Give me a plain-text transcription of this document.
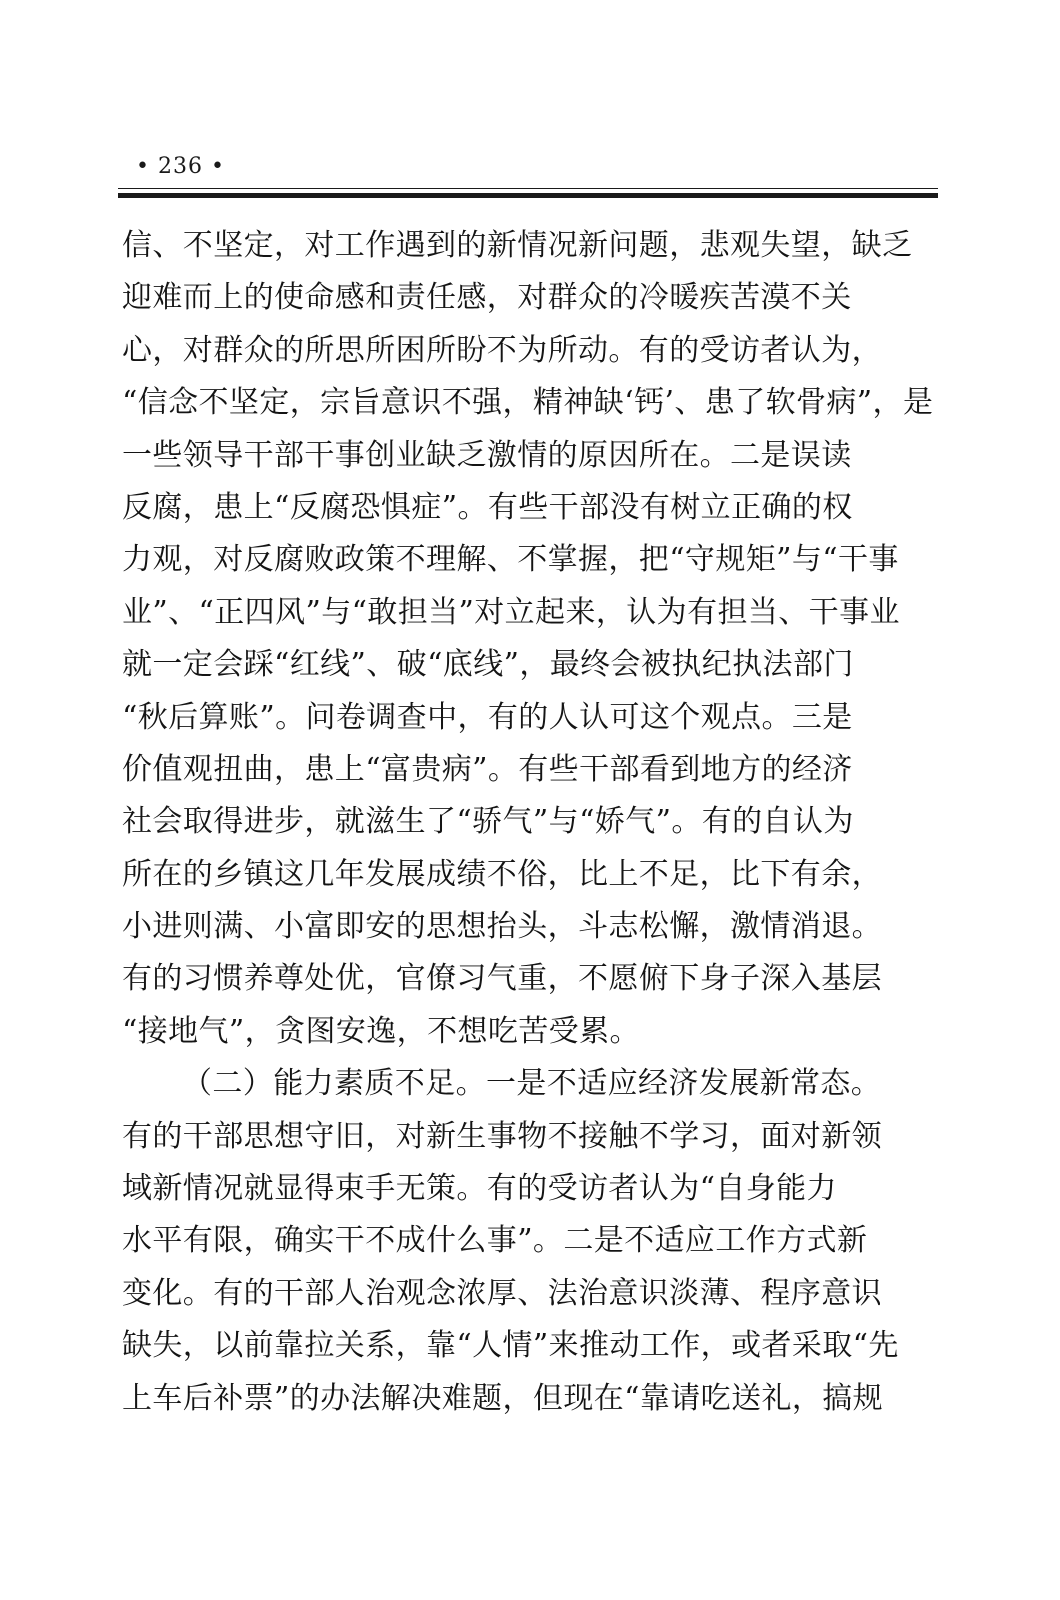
• 236 •
信、不坚定，对工作遇到的新情况新问题，悲观失望，缺乏
迎难而上的使命感和责任感，对群众的冷暖疾苦漠不关
心，对群众的所思所困所盼不为所动。有的受访者认为，
“信念不坚定，宗旨意识不强，精神缺‘钙’、患了软骨病”，是
一些领导干部干事创业缺乏激情的原因所在。二是误读
反腐，患上“反腐恐惧症”。有些干部没有树立正确的权
力观，对反腐败政策不理解、不掌握，把“守规矩”与“干事
业”、“正四风”与“敢担当”对立起来，认为有担当、干事业
就一定会踩“红线”、破“底线”，最终会被执纪执法部门
“秋后算账”。问卷调查中，有的人认可这个观点。三是
价值观扭曲，患上“富贵病”。有些干部看到地方的经济
社会取得进步，就滋生了“骄气”与“娇气”。有的自认为
所在的乡镇这几年发展成绩不俗，比上不足，比下有余，
小进则满、小富即安的思想抬头，斗志松懈，激情消退。
有的习惯养尊处优，官僚习气重，不愿俯下身子深入基层
“接地气”，贪图安逸，不想吃苦受累。
（二）能力素质不足。一是不适应经济发展新常态。
有的干部思想守旧，对新生事物不接触不学习，面对新领
域新情况就显得束手无策。有的受访者认为“自身能力
水平有限，确实干不成什么事”。二是不适应工作方式新
变化。有的干部人治观念浓厚、法治意识淡薄、程序意识
缺失，以前靠拉关系，靠“人情”来推动工作，或者采取“先
上车后补票”的办法解决难题，但现在“靠请吃送礼，搞规
